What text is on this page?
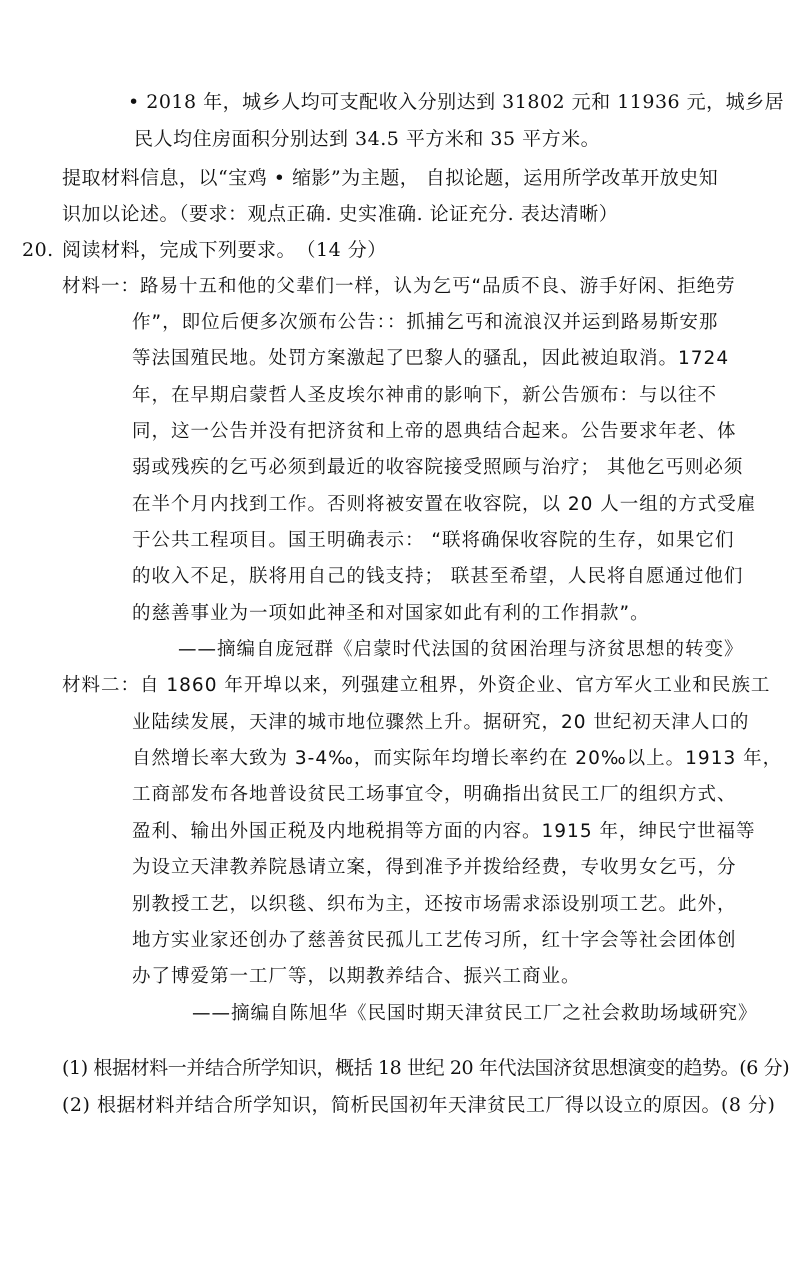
• 2018 年，城乡人均可支配收入分别达到 31802 元和 11936 元，城乡居
民人均住房面积分别达到 34.5 平方米和 35 平方米。
提取材料信息，以“宝鸡 • 缩影”为主题， 自拟论题，运用所学改革开放史知
识加以论述。（要求：观点正确. 史实准确. 论证充分. 表达清晰）
20. 阅读材料，完成下列要求。　（14 分）
材料一：路易十五和他的父辈们一样，认为乞丐“品质不良、游手好闲、拒绝劳
作”，即位后便多次颁布公告：：抓捕乞丐和流浪汉并运到路易斯安那
等法国殖民地。处罚方案激起了巴黎人的骚乱，因此被迫取消。1724
年，在早期启蒙哲人圣皮埃尔神甫的影响下，新公告颁布：与以往不
同，这一公告并没有把济贫和上帝的恩典结合起来。公告要求年老、体
弱或残疾的乞丐必须到最近的收容院接受照顾与治疗； 其他乞丐则必须
在半个月内找到工作。否则将被安置在收容院，以 20 人一组的方式受雇
于公共工程项目。国王明确表示： “联将确保收容院的生存，如果它们
的收入不足，朕将用自己的钱支持； 联甚至希望，人民将自愿通过他们
的慈善事业为一项如此神圣和对国家如此有利的工作捐款”。
——摘编自庞冠群《启蒙时代法国的贫困治理与济贫思想的转变》
材料二：自 1860 年开埠以来，列强建立租界，外资企业、官方军火工业和民族工
业陆续发展，天津的城市地位骤然上升。据研究，20 世纪初天津人口的
自然增长率大致为 3-4‰，而实际年均增长率约在 20‰以上。1913 年，
工商部发布各地普设贫民工场事宜令，明确指出贫民工厂的组织方式、
盈利、输出外国正税及内地税捐等方面的内容。1915 年，绅民宁世福等
为设立天津教养院恳请立案，得到准予并拨给经费，专收男女乞丐，分
别教授工艺，以织毯、织布为主，还按市场需求添设别项工艺。此外，
地方实业家还创办了慈善贫民孤儿工艺传习所，红十字会等社会团体创
办了博爱第一工厂等，以期教养结合、振兴工商业。
——摘编自陈旭华《民国时期天津贫民工厂之社会救助场域研究》
(1) 根据材料一并结合所学知识，概括 18 世纪 20 年代法国济贫思想演变的趋势。(6 分)
(2) 根据材料并结合所学知识，简析民国初年天津贫民工厂得以设立的原因。(8 分)
